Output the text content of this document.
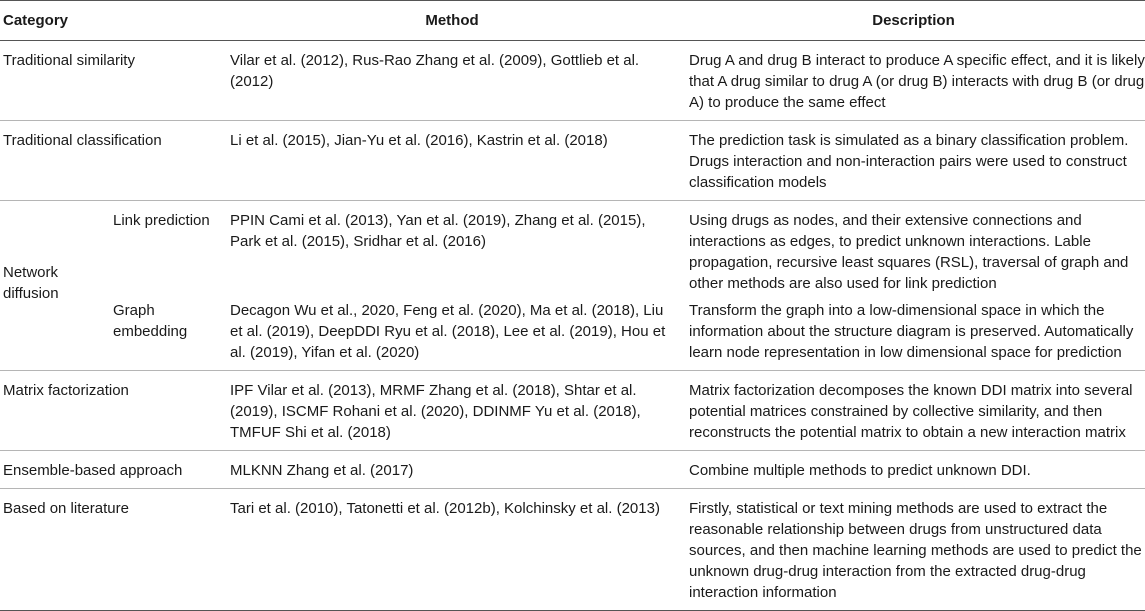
Category		Method	Description
Traditional similarity		Vilar et al. (2012), Rus-Rao Zhang et al. (2009), Gottlieb et al. (2012)	Drug A and drug B interact to produce A specific effect, and it is likely that A drug similar to drug A (or drug B) interacts with drug B (or drug A) to produce the same effect
Traditional classification		Li et al. (2015), Jian-Yu et al. (2016), Kastrin et al. (2018)	The prediction task is simulated as a binary classification problem. Drugs interaction and non-interaction pairs were used to construct classification models
Network diffusion	Link prediction	PPIN Cami et al. (2013), Yan et al. (2019), Zhang et al. (2015), Park et al. (2015), Sridhar et al. (2016)	Using drugs as nodes, and their extensive connections and interactions as edges, to predict unknown interactions. Lable propagation, recursive least squares (RSL), traversal of graph and other methods are also used for link prediction
	Graph embedding	Decagon Wu et al., 2020, Feng et al. (2020), Ma et al. (2018), Liu et al. (2019), DeepDDI Ryu et al. (2018), Lee et al. (2019), Hou et al. (2019), Yifan et al. (2020)	Transform the graph into a low-dimensional space in which the information about the structure diagram is preserved. Automatically learn node representation in low dimensional space for prediction
Matrix factorization		IPF Vilar et al. (2013), MRMF Zhang et al. (2018), Shtar et al. (2019), ISCMF Rohani et al. (2020), DDINMF Yu et al. (2018), TMFUF Shi et al. (2018)	Matrix factorization decomposes the known DDI matrix into several potential matrices constrained by collective similarity, and then reconstructs the potential matrix to obtain a new interaction matrix
Ensemble-based approach		MLKNN Zhang et al. (2017)	Combine multiple methods to predict unknown DDI.
Based on literature		Tari et al. (2010), Tatonetti et al. (2012b), Kolchinsky et al. (2013)	Firstly, statistical or text mining methods are used to extract the reasonable relationship between drugs from unstructured data sources, and then machine learning methods are used to predict the unknown drug-drug interaction from the extracted drug-drug interaction information
